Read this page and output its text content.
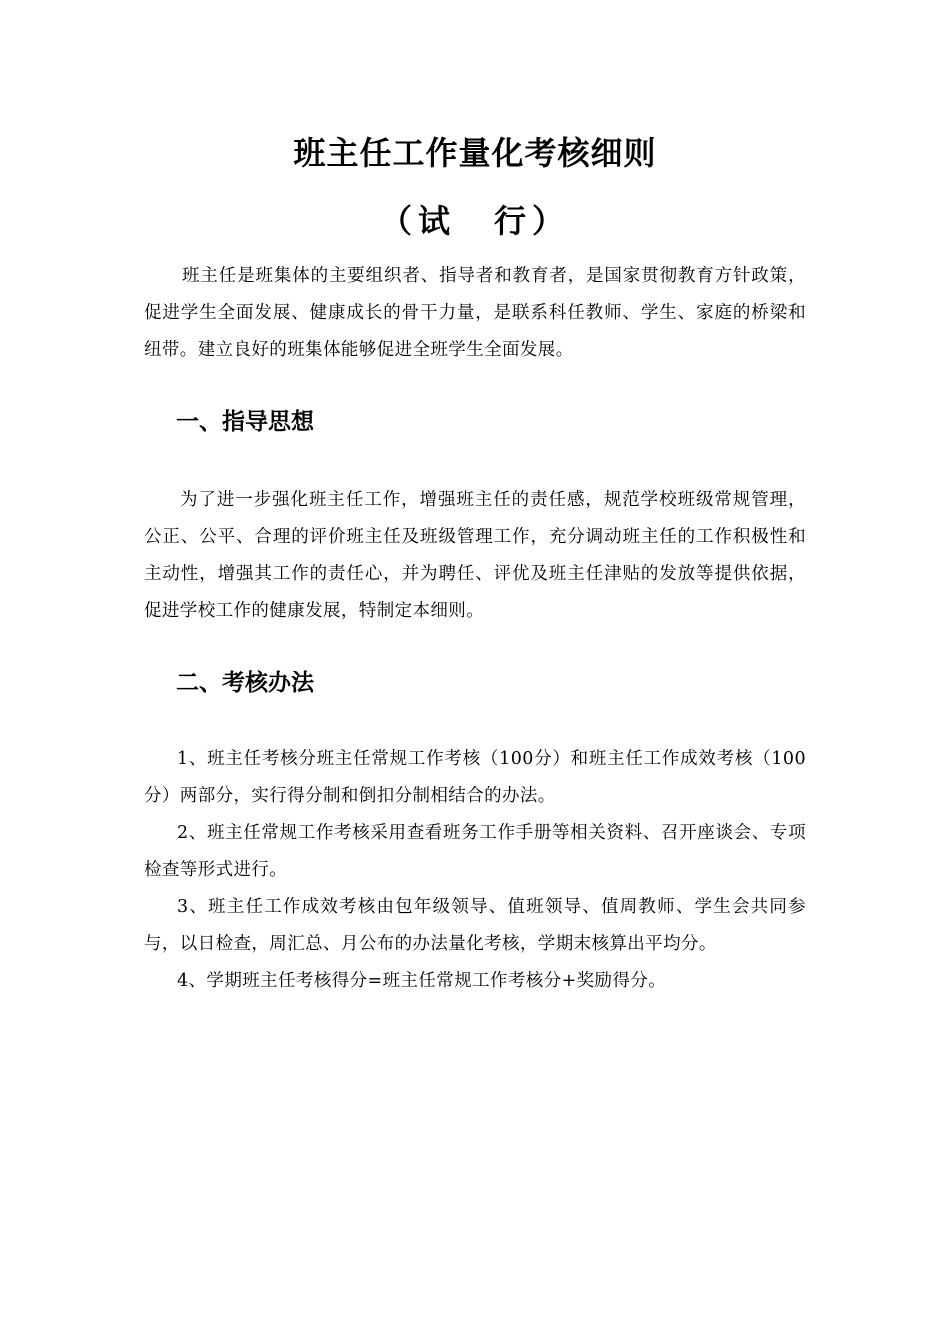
班主任工作量化考核细则
（试　行）

班主任是班集体的主要组织者、指导者和教育者，是国家贯彻教育方针政策，促进学生全面发展、健康成长的骨干力量，是联系科任教师、学生、家庭的桥梁和纽带。建立良好的班集体能够促进全班学生全面发展。

一、指导思想

为了进一步强化班主任工作，增强班主任的责任感，规范学校班级常规管理，公正、公平、合理的评价班主任及班级管理工作，充分调动班主任的工作积极性和主动性，增强其工作的责任心，并为聘任、评优及班主任津贴的发放等提供依据，促进学校工作的健康发展，特制定本细则。

二、考核办法

1、班主任考核分班主任常规工作考核（100分）和班主任工作成效考核（100分）两部分，实行得分制和倒扣分制相结合的办法。

2、班主任常规工作考核采用查看班务工作手册等相关资料、召开座谈会、专项检查等形式进行。

3、班主任工作成效考核由包年级领导、值班领导、值周教师、学生会共同参与，以日检查，周汇总、月公布的办法量化考核，学期末核算出平均分。

4、学期班主任考核得分=班主任常规工作考核分+奖励得分。
